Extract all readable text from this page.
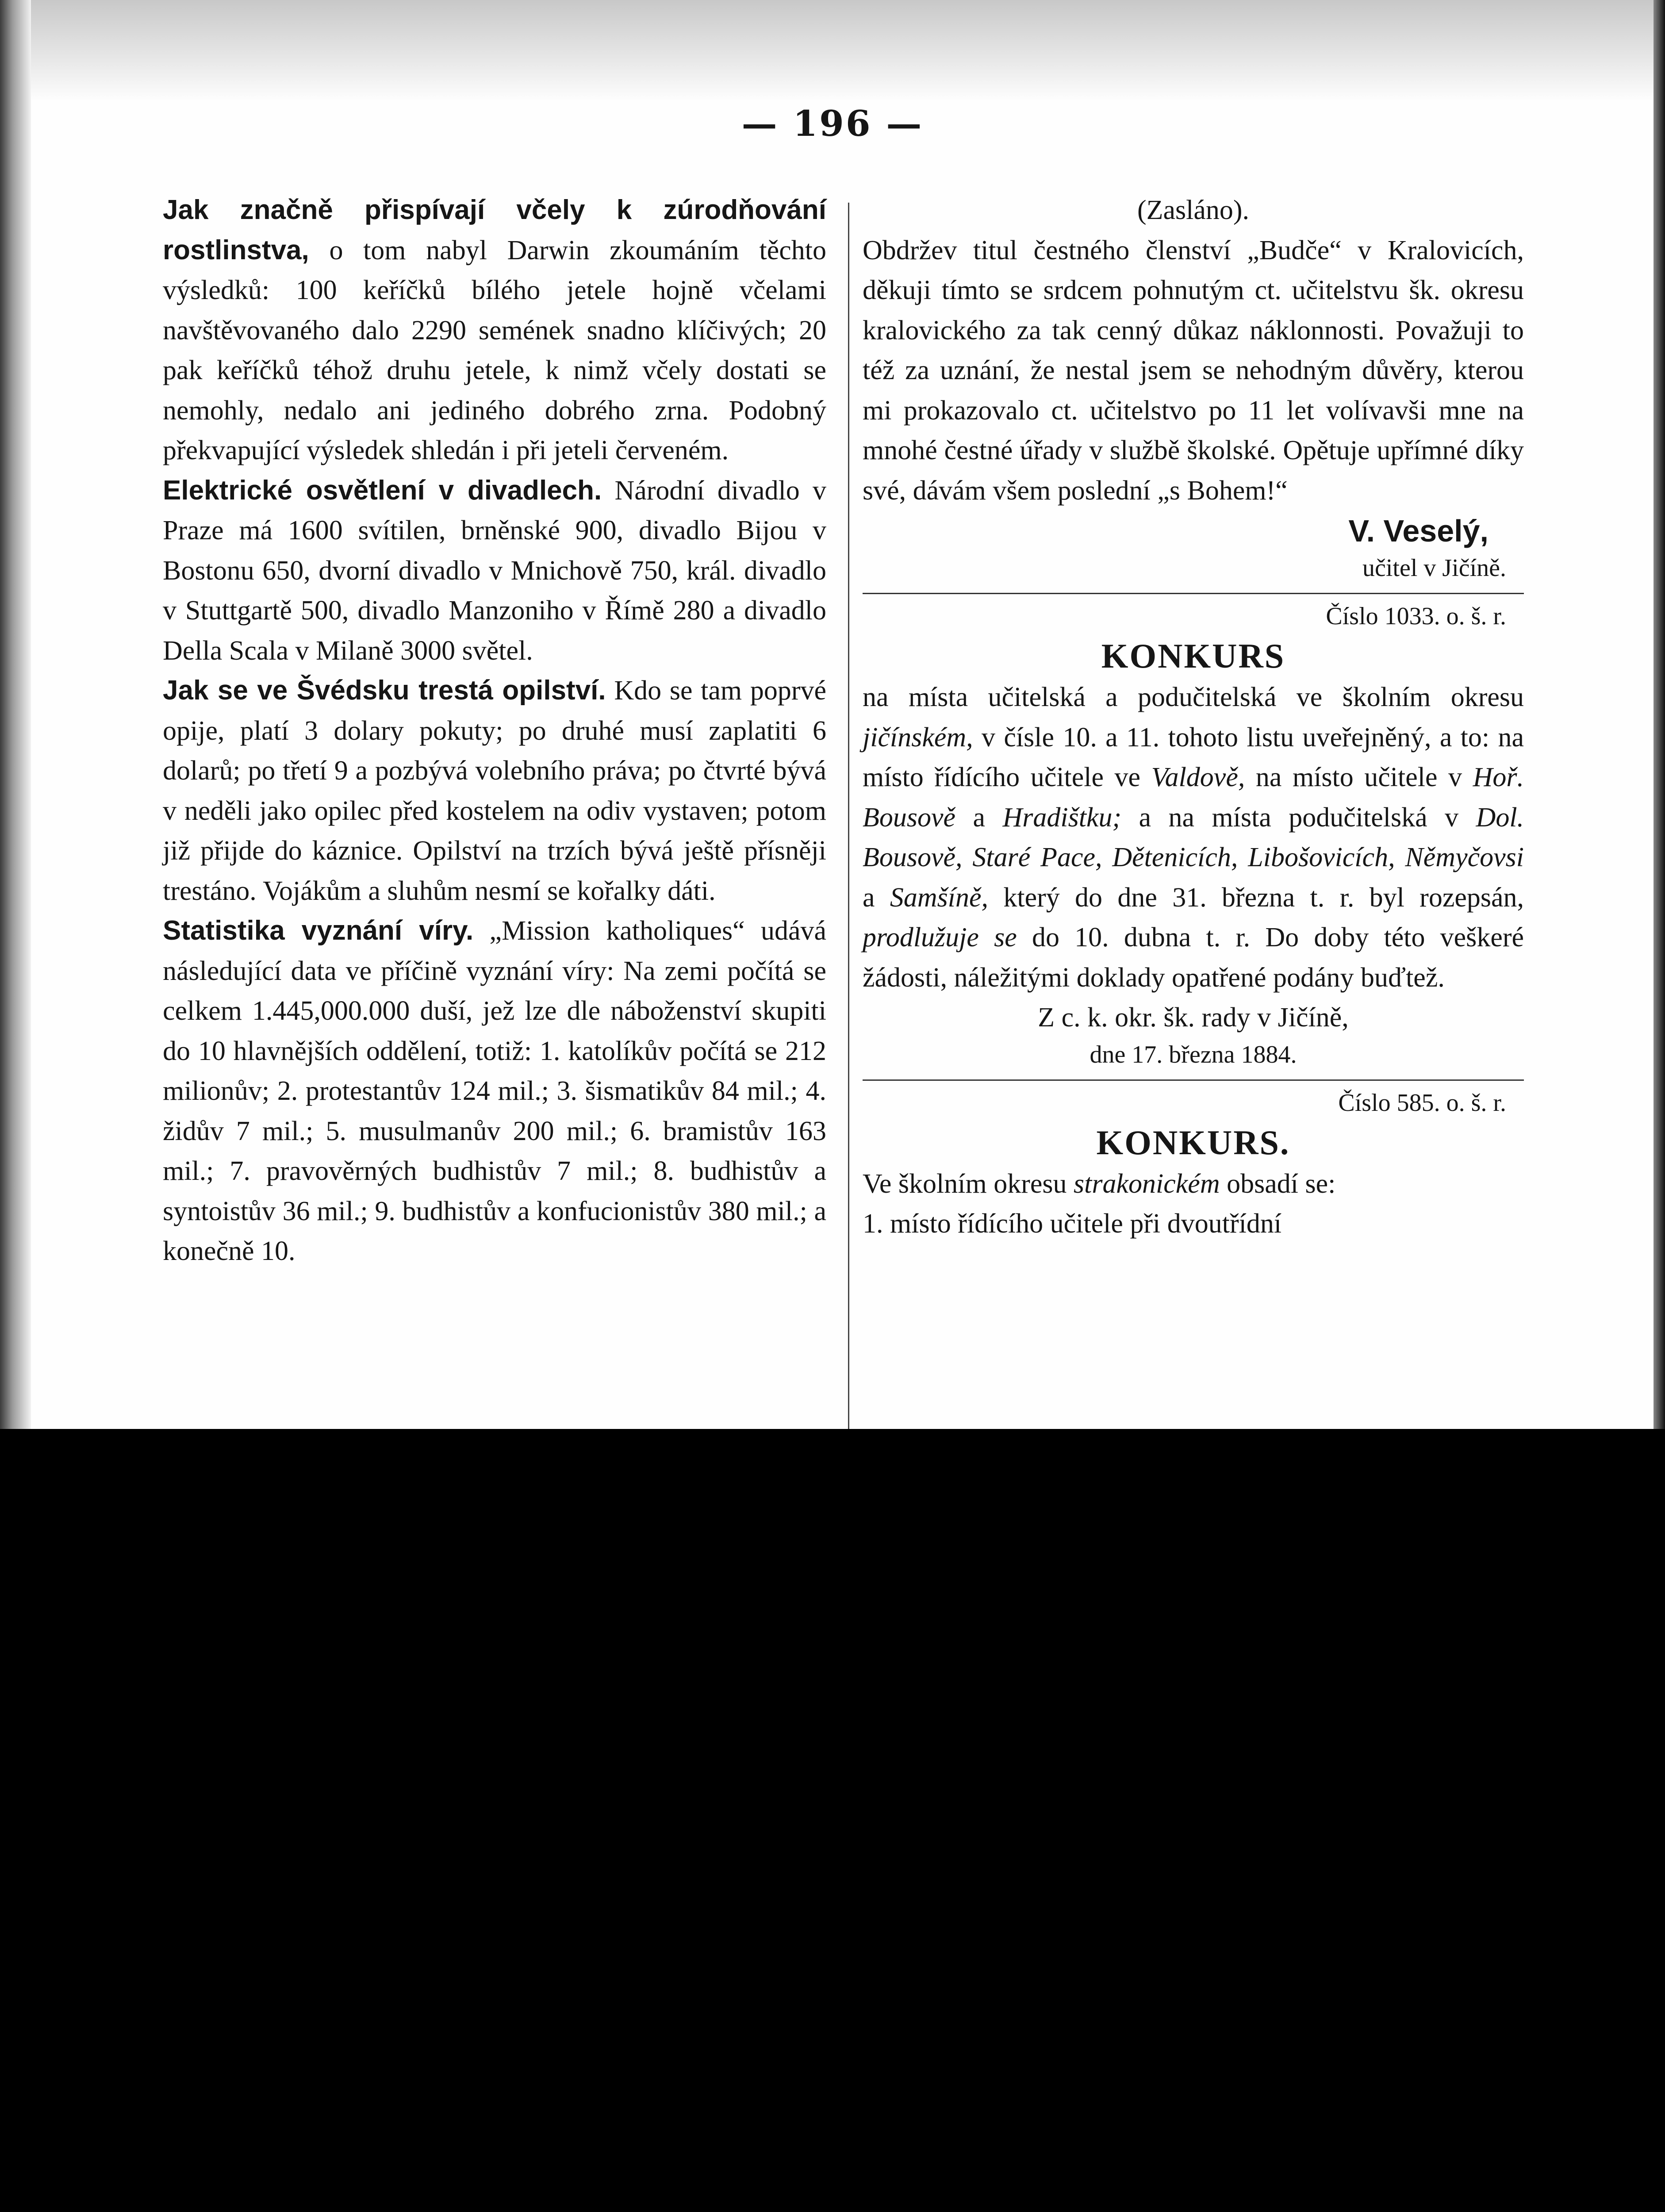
— 196 —

Jak značně přispívají včely k zúrodňování rostlinstva, o tom nabyl Darwin zkoumáním těchto výsledků: 100 keříčků bílého jetele hojně včelami navštěvovaného dalo 2290 semének snadno klíčivých; 20 pak keříčků téhož druhu jetele, k nimž včely dostati se nemohly, nedalo ani jediného dobrého zrna. Podobný překvapující výsledek shledán i při jeteli červeném.

Elektrické osvětlení v divadlech. Národní divadlo v Praze má 1600 svítilen, brněnské 900, divadlo Bijou v Bostonu 650, dvorní divadlo v Mnichově 750, král. divadlo v Stuttgartě 500, divadlo Manzoniho v Římě 280 a divadlo Della Scala v Milaně 3000 světel.

Jak se ve Švédsku trestá opilství. Kdo se tam poprvé opije, platí 3 dolary pokuty; po druhé musí zaplatiti 6 dolarů; po třetí 9 a pozbývá volebního práva; po čtvrté bývá v neděli jako opilec před kostelem na odiv vystaven; potom již přijde do káznice. Opilství na trzích bývá ještě přísněji trestáno. Vojákům a sluhům nesmí se kořalky dáti.

Statistika vyznání víry. „Mission katholiques“ udává následující data ve příčině vyznání víry: Na zemi počítá se celkem 1.445,000.000 duší, jež lze dle náboženství skupiti do 10 hlavnějších oddělení, totiž: 1. katolíkův počítá se 212 milionův; 2. protestantův 124 mil.; 3. šismatikův 84 mil.; 4. židův 7 mil.; 5. musulmanův 200 mil.; 6. bramistův 163 mil.; 7. pravověrných budhistův 7 mil.; 8. budhistův a syntoistův 36 mil.; 9. budhistův a konfucionistův 380 mil.; a konečně 10.

(Zasláno).

Obdržev titul čestného členství „Budče“ v Kralovicích, děkuji tímto se srdcem pohnutým ct. učitelstvu šk. okresu kralovického za tak cenný důkaz náklonnosti. Považuji to též za uznání, že nestal jsem se nehodným důvěry, kterou mi prokazovalo ct. učitelstvo po 11 let volívavši mne na mnohé čestné úřady v službě školské. Opětuje upřímné díky své, dávám všem poslední „s Bohem!“

V. Veselý,
učitel v Jičíně.
Číslo 1033. o. š. r.
KONKURS

na místa učitelská a podučitelská ve školním okresu jičínském, v čísle 10. a 11. tohoto listu uveřejněný, a to: na místo řídícího učitele ve Valdově, na místo učitele v Hoř. Bousově a Hradištku; a na místa podučitelská v Dol. Bousově, Staré Pace, Dětenicích, Libošovicích, Němyčovsi a Samšíně, který do dne 31. března t. r. byl rozepsán, prodlužuje se do 10. dubna t. r. Do doby této veškeré žádosti, náležitými doklady opatřené podány buďtež.

Z c. k. okr. šk. rady v Jičíně,

dne 17. března 1884.
Číslo 585. o. š. r.
KONKURS.

Ve školním okresu strakonickém obsadí se:

1. místo řídícího učitele při dvoutřídní
